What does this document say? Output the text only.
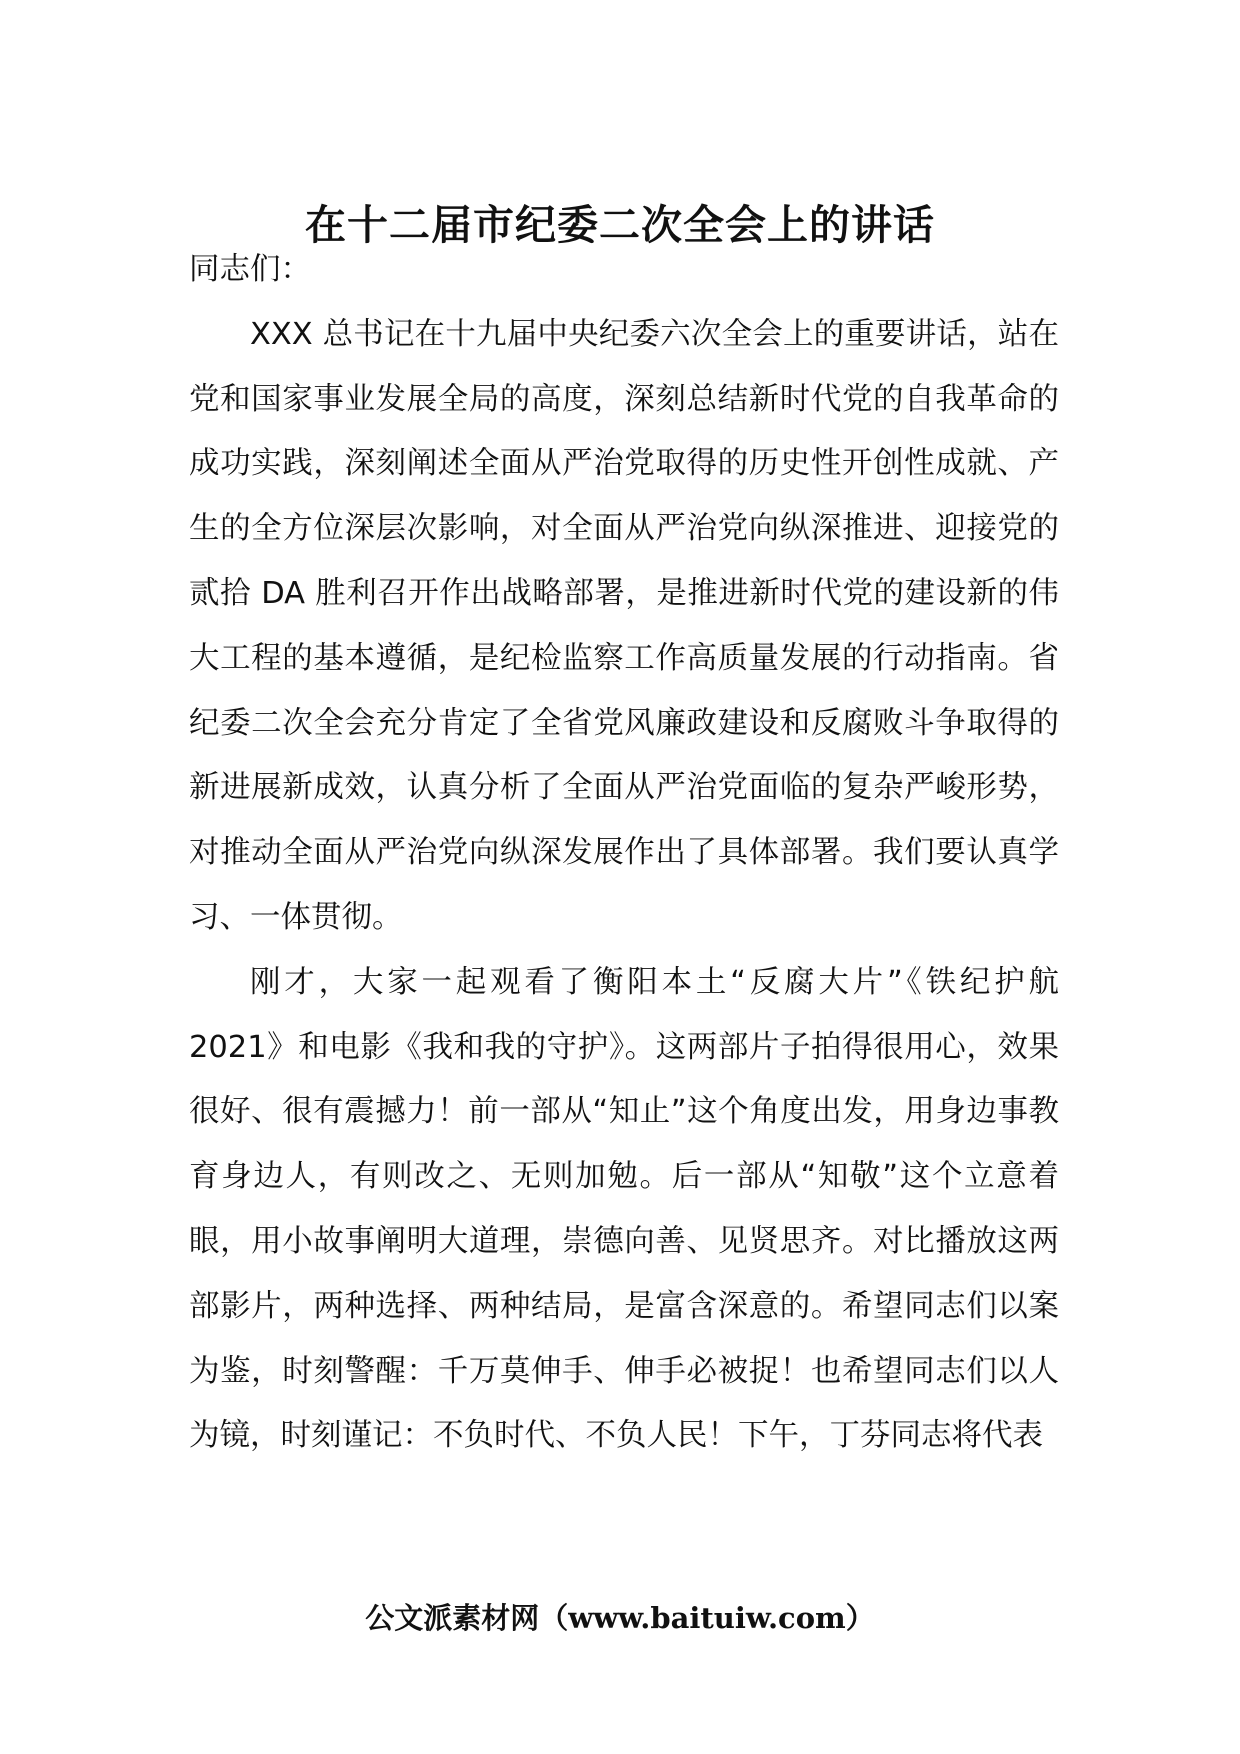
在十二届市纪委二次全会上的讲话

同志们：

XXX 总书记在十九届中央纪委六次全会上的重要讲话，站在党和国家事业发展全局的高度，深刻总结新时代党的自我革命的成功实践，深刻阐述全面从严治党取得的历史性开创性成就、产生的全方位深层次影响，对全面从严治党向纵深推进、迎接党的贰拾 DA 胜利召开作出战略部署，是推进新时代党的建设新的伟大工程的基本遵循，是纪检监察工作高质量发展的行动指南。省纪委二次全会充分肯定了全省党风廉政建设和反腐败斗争取得的新进展新成效，认真分析了全面从严治党面临的复杂严峻形势，对推动全面从严治党向纵深发展作出了具体部署。我们要认真学习、一体贯彻。

刚才，大家一起观看了衡阳本土“反腐大片”《铁纪护航 2021》和电影《我和我的守护》。这两部片子拍得很用心，效果很好、很有震撼力！前一部从“知止”这个角度出发，用身边事教育身边人，有则改之、无则加勉。后一部从“知敬”这个立意着眼，用小故事阐明大道理，崇德向善、见贤思齐。对比播放这两部影片，两种选择、两种结局，是富含深意的。希望同志们以案为鉴，时刻警醒：千万莫伸手、伸手必被捉！也希望同志们以人为镜，时刻谨记：不负时代、不负人民！下午，丁芬同志将代表

公文派素材网（www.baituiw.com）
